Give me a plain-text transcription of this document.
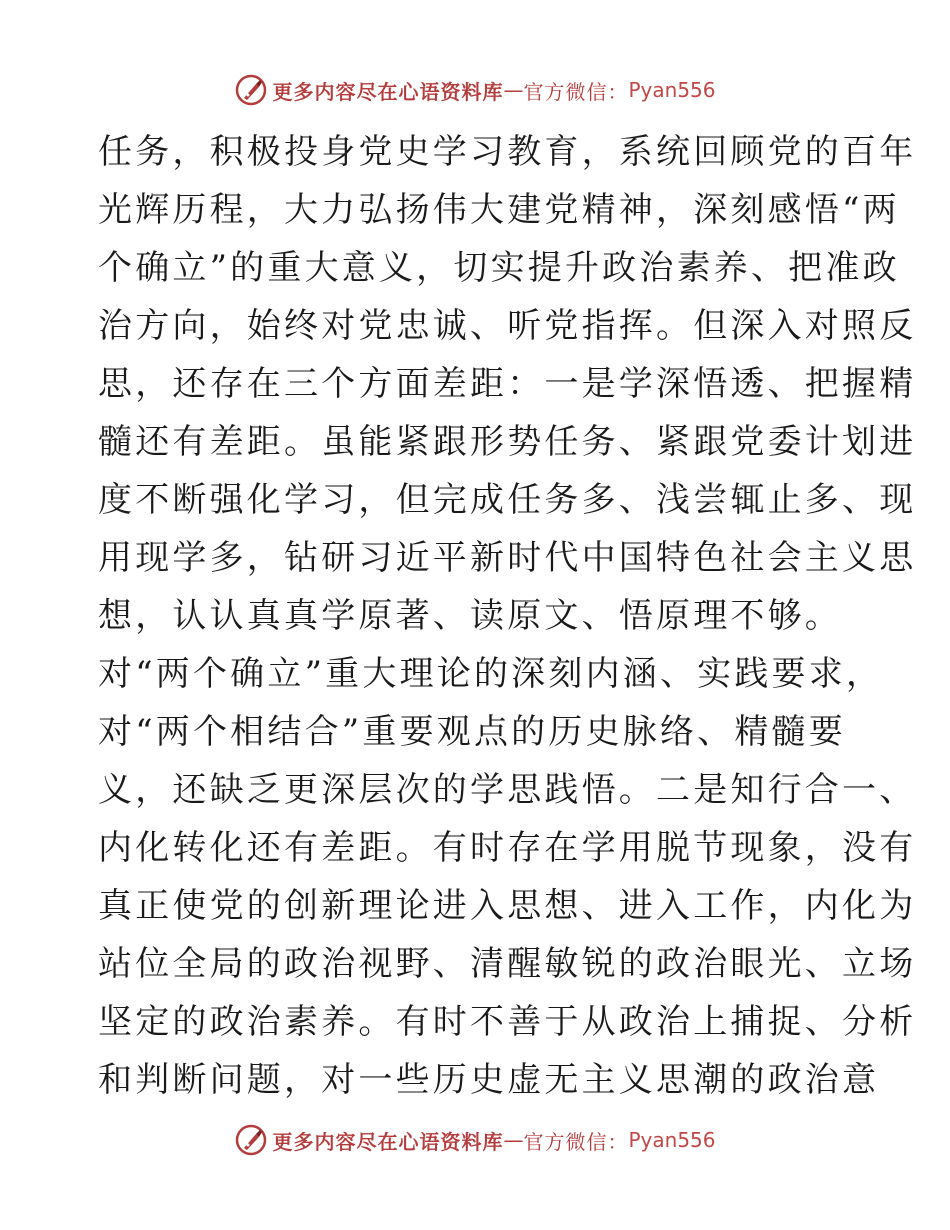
更多内容尽在心语资料库 — 官方微信： Pyan556
任务，积极投身党史学习教育，系统回顾党的百年
光辉历程，大力弘扬伟大建党精神，深刻感悟“两
个确立”的重大意义，切实提升政治素养、把准政
治方向，始终对党忠诚、听党指挥。但深入对照反
思，还存在三个方面差距：一是学深悟透、把握精
髓还有差距。虽能紧跟形势任务、紧跟党委计划进
度不断强化学习，但完成任务多、浅尝辄止多、现
用现学多，钻研习近平新时代中国特色社会主义思
想，认认真真学原著、读原文、悟原理不够。
对“两个确立”重大理论的深刻内涵、实践要求，
对“两个相结合”重要观点的历史脉络、精髓要
义，还缺乏更深层次的学思践悟。二是知行合一、
内化转化还有差距。有时存在学用脱节现象，没有
真正使党的创新理论进入思想、进入工作，内化为
站位全局的政治视野、清醒敏锐的政治眼光、立场
坚定的政治素养。有时不善于从政治上捕捉、分析
和判断问题，对一些历史虚无主义思潮的政治意
更多内容尽在心语资料库 — 官方微信： Pyan556
